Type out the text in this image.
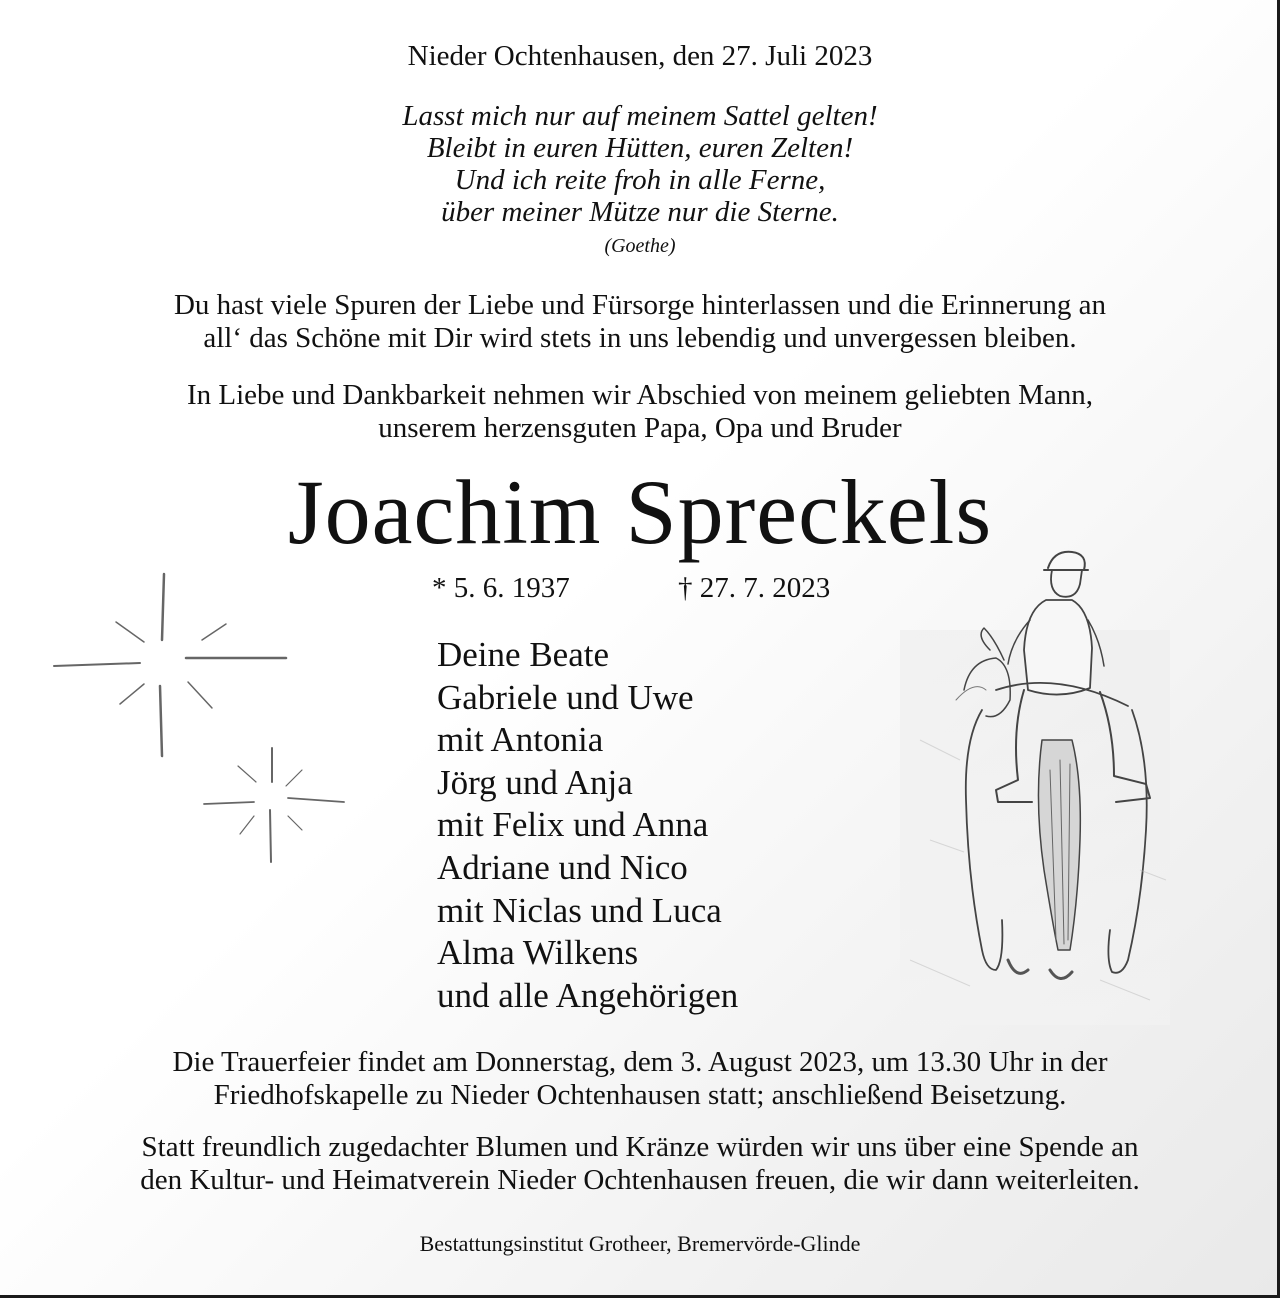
Nieder Ochtenhausen, den 27. Juli 2023
Lasst mich nur auf meinem Sattel gelten!
Bleibt in euren Hütten, euren Zelten!
Und ich reite froh in alle Ferne,
über meiner Mütze nur die Sterne.
(Goethe)
Du hast viele Spuren der Liebe und Fürsorge hinterlassen und die Erinnerung an
all‘ das Schöne mit Dir wird stets in uns lebendig und unvergessen bleiben.
In Liebe und Dankbarkeit nehmen wir Abschied von meinem geliebten Mann,
unserem herzensguten Papa, Opa und Bruder
Joachim Spreckels
* 5. 6. 1937	† 27. 7. 2023
Deine Beate
Gabriele und Uwe
mit Antonia
Jörg und Anja
mit Felix und Anna
Adriane und Nico
mit Niclas und Luca
Alma Wilkens
und alle Angehörigen
Die Trauerfeier findet am Donnerstag, dem 3. August 2023, um 13.30 Uhr in der
Friedhofskapelle zu Nieder Ochtenhausen statt; anschließend Beisetzung.
Statt freundlich zugedachter Blumen und Kränze würden wir uns über eine Spende an
den Kultur- und Heimatverein Nieder Ochtenhausen freuen, die wir dann weiterleiten.
Bestattungsinstitut Grotheer, Bremervörde-Glinde
